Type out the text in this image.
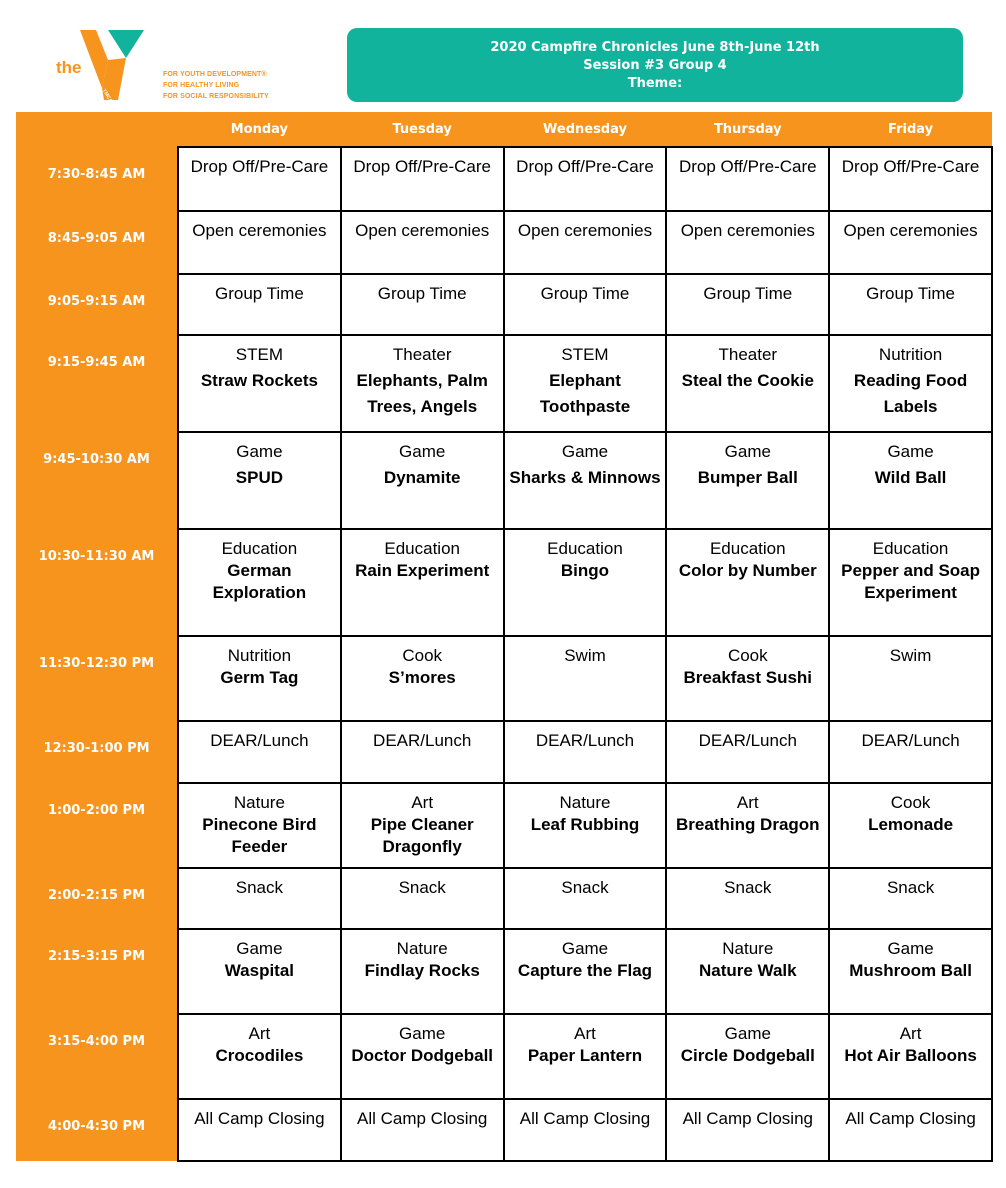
the
YMCA
FOR YOUTH DEVELOPMENT®
FOR HEALTHY LIVING
FOR SOCIAL RESPONSIBILITY
2020 Campfire Chronicles June 8th-June 12th
Session #3 Group 4
Theme:
	Monday	Tuesday	Wednesday	Thursday	Friday
7:30-8:45 AM	Drop Off/Pre-Care	Drop Off/Pre-Care	Drop Off/Pre-Care	Drop Off/Pre-Care	Drop Off/Pre-Care

8:45-9:05 AM	Open ceremonies	Open ceremonies	Open ceremonies	Open ceremonies	Open ceremonies

9:05-9:15 AM	Group Time	Group Time	Group Time	Group Time	Group Time

9:15-9:45 AM	STEM
Straw Rockets	Theater
Elephants, Palm Trees, Angels	STEM
Elephant Toothpaste	Theater
Steal the Cookie	Nutrition
Reading Food Labels

9:45-10:30 AM	Game
SPUD	Game
Dynamite	Game
Sharks & Minnows	Game
Bumper Ball	Game
Wild Ball

10:30-11:30 AM	Education
German Exploration	Education
Rain Experiment	Education
Bingo	Education
Color by Number	Education
Pepper and Soap Experiment

11:30-12:30 PM	Nutrition
Germ Tag	Cook
S’mores	Swim	Cook
Breakfast Sushi	Swim

12:30-1:00 PM	DEAR/Lunch	DEAR/Lunch	DEAR/Lunch	DEAR/Lunch	DEAR/Lunch

1:00-2:00 PM	Nature
Pinecone Bird Feeder	Art
Pipe Cleaner Dragonfly	Nature
Leaf Rubbing	Art
Breathing Dragon	Cook
Lemonade

2:00-2:15 PM	Snack	Snack	Snack	Snack	Snack

2:15-3:15 PM	Game
Waspital	Nature
Findlay Rocks	Game
Capture the Flag	Nature
Nature Walk	Game
Mushroom Ball

3:15-4:00 PM	Art
Crocodiles	Game
Doctor Dodgeball	Art
Paper Lantern	Game
Circle Dodgeball	Art
Hot Air Balloons

4:00-4:30 PM	All Camp Closing	All Camp Closing	All Camp Closing	All Camp Closing	All Camp Closing
